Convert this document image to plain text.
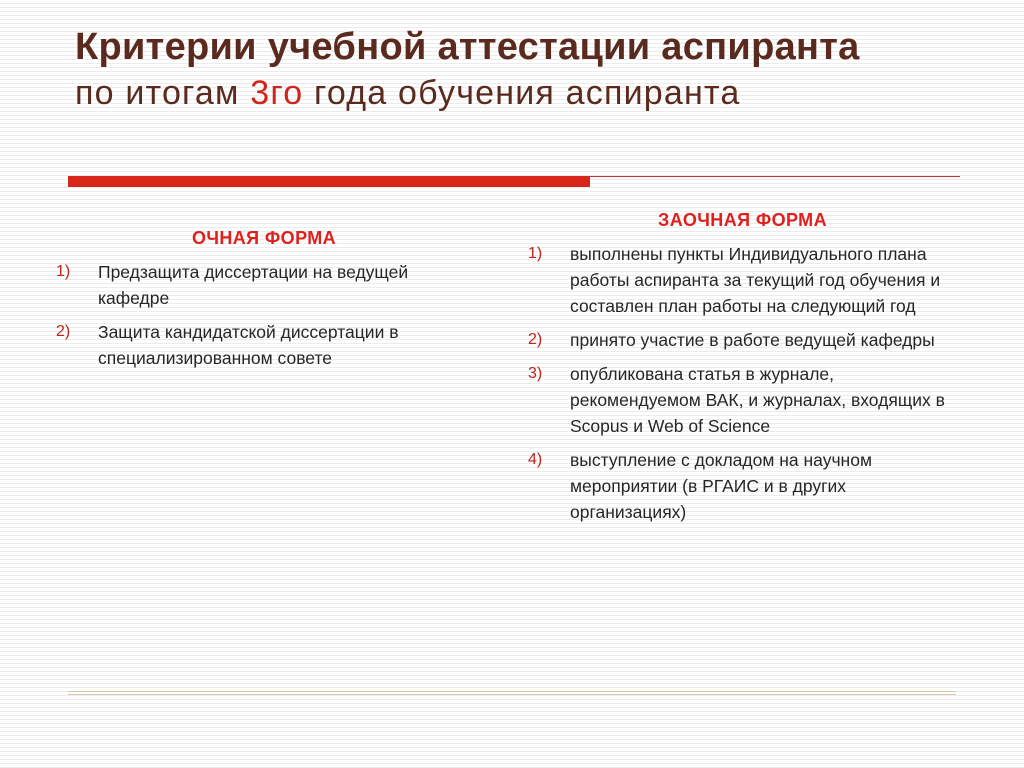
Критерии учебной аттестации аспиранта
по итогам 3го года обучения аспиранта
ОЧНАЯ ФОРМА
1)	Предзащита диссертации на ведущей кафедре
2)	Защита кандидатской диссертации в специализированном совете
ЗАОЧНАЯ ФОРМА
1)	выполнены пункты Индивидуального плана работы аспиранта за текущий год обучения и составлен план работы на следующий год
2)	принято участие в работе ведущей кафедры
3)	опубликована статья в журнале, рекомендуемом ВАК, и журналах, входящих в Scopus и Web of Science
4)	выступление с докладом на научном мероприятии (в РГАИС и в других организациях)
